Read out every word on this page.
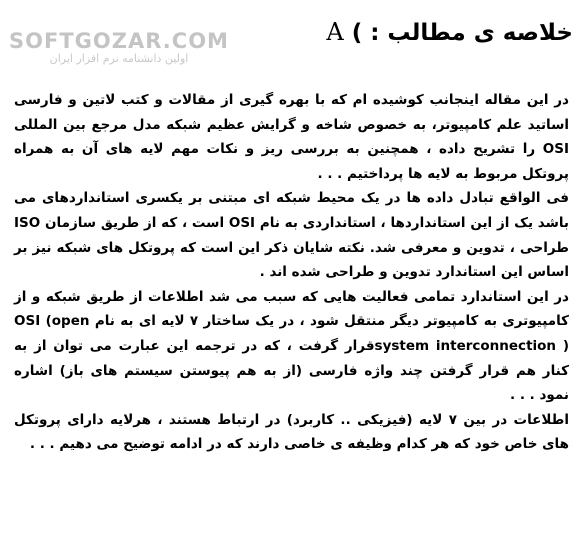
SOFTGOZAR.COM
اولین دانشنامه نرم افزار ایران
خلاصه ی مطالب : ) A

در این مقاله اینجانب کوشیده ام که با بهره گیری از مقالات و کتب لاتین و فارسی اساتید علم کامپیوتر، به خصوص شاخه و گرایش عظیم شبکه مدل مرجع بین المللی OSI را تشریح داده ، همچنین به بررسی ریز و نکات مهم لایه های آن به همراه پروتکل مربوط به لایه ها پرداختیم . . .

فی الواقع تبادل داده ها در یک محیط شبکه ای مبتنی بر یکسری استانداردهای می باشد یک از این استانداردها ، استانداردی به نام OSI است ، که از طریق سازمان ISO طراحی ، تدوین و معرفی شد. نکته شایان ذکر این است که پروتکل های شبکه نیز بر اساس این استاندارد تدوین و طراحی شده اند .

در این استاندارد تمامی فعالیت هایی که سبب می شد اطلاعات از طریق شبکه و از کامپیوتری به کامپیوتر دیگر منتقل شود ، در یک ساختار ۷ لایه ای به نام OSI (open system interconnection )قرار گرفت ، که در ترجمه این عبارت می توان از به کنار هم قرار گرفتن چند واژه فارسی (از به هم پیوستن سیستم های باز) اشاره نمود . . .

اطلاعات در بین ۷ لایه (فیزیکی .. کاربرد) در ارتباط هستند ، هرلایه دارای پروتکل های خاص خود که هر کدام وظیفه ی خاصی دارند که در ادامه توضیح می دهیم . . .
